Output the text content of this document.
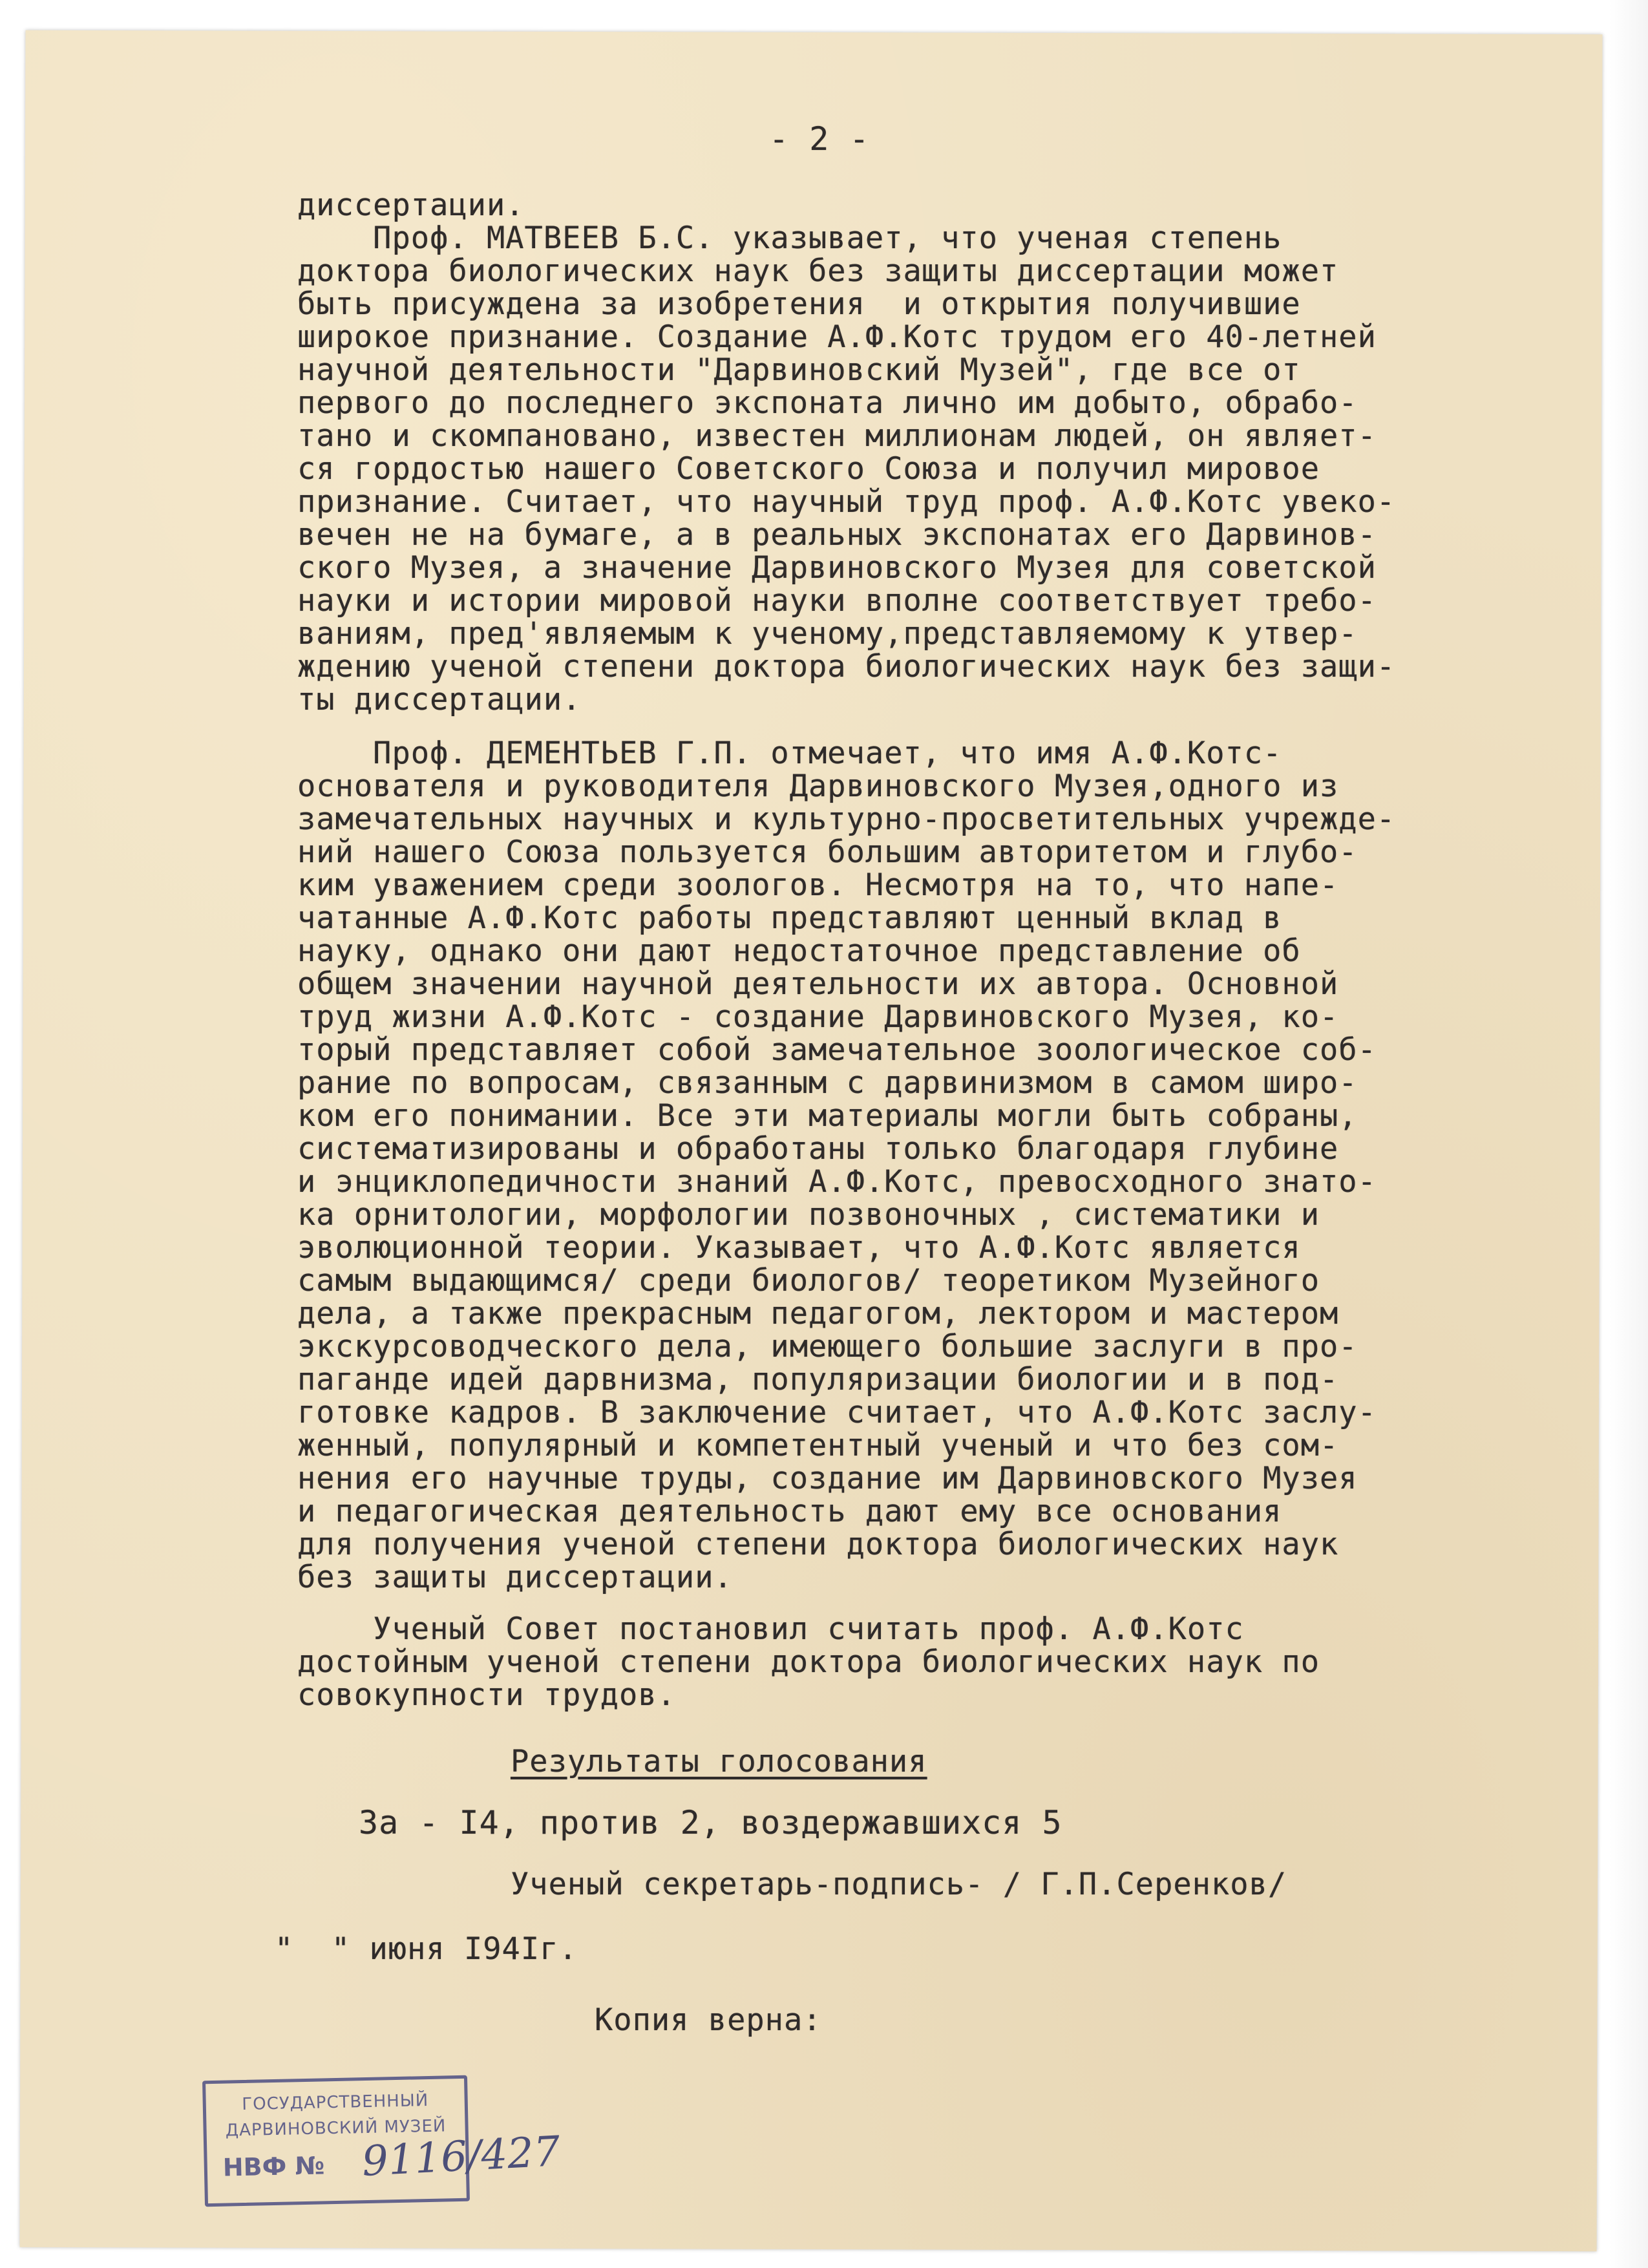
- 2 -
диссертации.
Проф. МАТВЕЕВ Б.С. указывает, что ученая степень
доктора биологических наук без защиты диссертации может
быть присуждена за изобретения  и открытия получившие
широкое признание. Создание А.Ф.Котс трудом его 40-летней
научной деятельности "Дарвиновский Музей", где все от
первого до последнего экспоната лично им добыто, обрабо-
тано и скомпановано, известен миллионам людей, он являет-
ся гордостью нашего Советского Союза и получил мировое
признание. Считает, что научный труд проф. А.Ф.Котс увеко-
вечен не на бумаге, а в реальных экспонатах его Дарвинов-
ского Музея, а значение Дарвиновского Музея для советской
науки и истории мировой науки вполне соответствует требо-
ваниям, пред'являемым к ученому,представляемому к утвер-
ждению ученой степени доктора биологических наук без защи-
ты диссертации.
Проф. ДЕМЕНТЬЕВ Г.П. отмечает, что имя А.Ф.Котс-
основателя и руководителя Дарвиновского Музея,одного из
замечательных научных и культурно-просветительных учрежде-
ний нашего Союза пользуется большим авторитетом и глубо-
ким уважением среди зоологов. Несмотря на то, что напе-
чатанные А.Ф.Котс работы представляют ценный вклад в
науку, однако они дают недостаточное представление об
общем значении научной деятельности их автора. Основной
труд жизни А.Ф.Котс - создание Дарвиновского Музея, ко-
торый представляет собой замечательное зоологическое соб-
рание по вопросам, связанным с дарвинизмом в самом широ-
ком его понимании. Все эти материалы могли быть собраны,
систематизированы и обработаны только благодаря глубине
и энциклопедичности знаний А.Ф.Котс, превосходного знато-
ка орнитологии, морфологии позвоночных , систематики и
эволюционной теории. Указывает, что А.Ф.Котс является
самым выдающимся/ среди биологов/ теоретиком Музейного
дела, а также прекрасным педагогом, лектором и мастером
экскурсоводческого дела, имеющего большие заслуги в про-
паганде идей дарвнизма, популяризации биологии и в под-
готовке кадров. В заключение считает, что А.Ф.Котс заслу-
женный, популярный и компетентный ученый и что без сом-
нения его научные труды, создание им Дарвиновского Музея
и педагогическая деятельность дают ему все основания
для получения ученой степени доктора биологических наук
без защиты диссертации.
Ученый Совет постановил считать проф. А.Ф.Котс
достойным ученой степени доктора биологических наук по
совокупности трудов.
Результаты голосования
За - I4, против 2, воздержавшихся 5
Ученый секретарь-подпись- / Г.П.Серенков/
"  " июня I94Iг.
Копия верна:
ГОСУДАРСТВЕННЫЙ
ДАРВИНОВСКИЙ МУЗЕЙ
НВФ № 9116/427
